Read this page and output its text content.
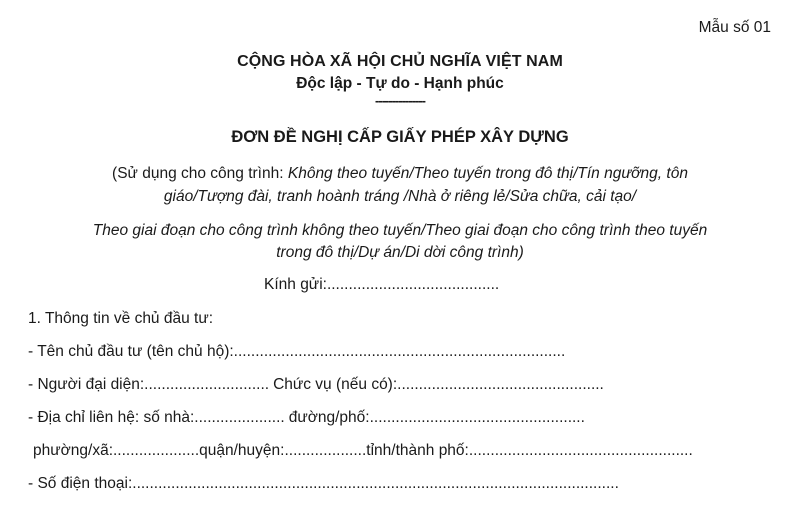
Mẫu số 01
CỘNG HÒA XÃ HỘI CHỦ NGHĨA VIỆT NAM
Độc lập - Tự do - Hạnh phúc
---------------
ĐƠN ĐỀ NGHỊ CẤP GIẤY PHÉP XÂY DỰNG
(Sử dụng cho công trình: Không theo tuyến/Theo tuyến trong đô thị/Tín ngưỡng, tôn
giáo/Tượng đài, tranh hoành tráng /Nhà ở riêng lẻ/Sửa chữa, cải tạo/
Theo giai đoạn cho công trình không theo tuyến/Theo giai đoạn cho công trình theo tuyến
trong đô thị/Dự án/Di dời công trình)
Kính gửi:........................................
1. Thông tin về chủ đầu tư:
- Tên chủ đầu tư (tên chủ hộ):.............................................................................
- Người đại diện:............................. Chức vụ (nếu có):................................................
- Địa chỉ liên hệ: số nhà:..................... đường/phố:..................................................
phường/xã:....................quận/huyện:...................tỉnh/thành phố:....................................................
- Số điện thoại:.................................................................................................................
